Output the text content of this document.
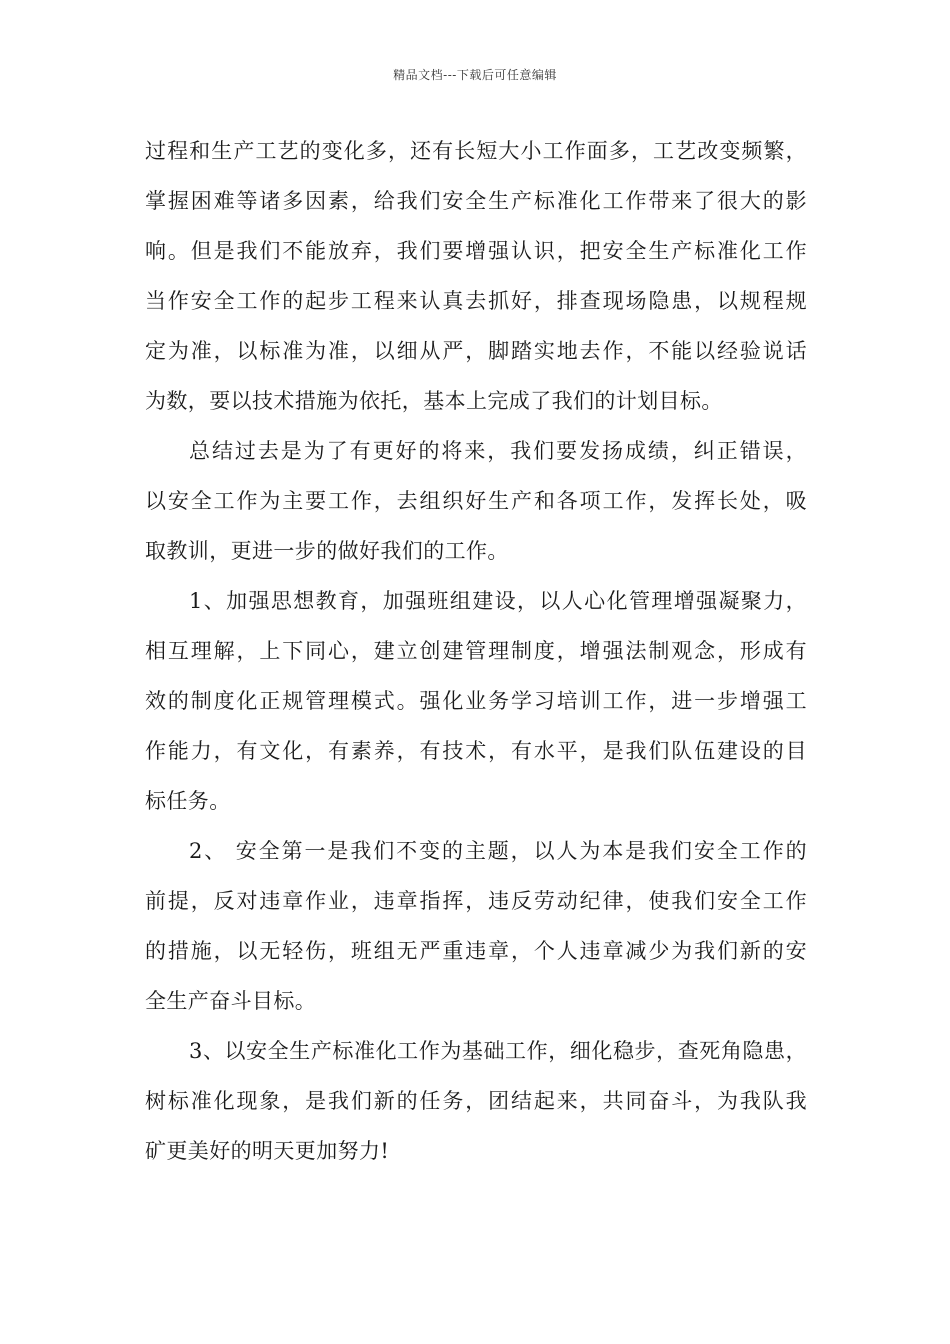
精品文档---下载后可任意编辑
过程和生产工艺的变化多，还有长短大小工作面多，工艺改变频繁，
掌握困难等诸多因素，给我们安全生产标准化工作带来了很大的影
响。但是我们不能放弃，我们要增强认识，把安全生产标准化工作
当作安全工作的起步工程来认真去抓好，排查现场隐患，以规程规
定为准，以标准为准，以细从严，脚踏实地去作，不能以经验说话
为数，要以技术措施为依托，基本上完成了我们的计划目标。
总结过去是为了有更好的将来，我们要发扬成绩，纠正错误，
以安全工作为主要工作，去组织好生产和各项工作，发挥长处，吸
取教训，更进一步的做好我们的工作。
1、加强思想教育，加强班组建设，以人心化管理增强凝聚力，
相互理解，上下同心，建立创建管理制度，增强法制观念，形成有
效的制度化正规管理模式。强化业务学习培训工作，进一步增强工
作能力，有文化，有素养，有技术，有水平，是我们队伍建设的目
标任务。
2、 安全第一是我们不变的主题，以人为本是我们安全工作的
前提，反对违章作业，违章指挥，违反劳动纪律，使我们安全工作
的措施，以无轻伤，班组无严重违章，个人违章减少为我们新的安
全生产奋斗目标。
3、以安全生产标准化工作为基础工作，细化稳步，查死角隐患，
树标准化现象，是我们新的任务，团结起来，共同奋斗，为我队我
矿更美好的明天更加努力!
